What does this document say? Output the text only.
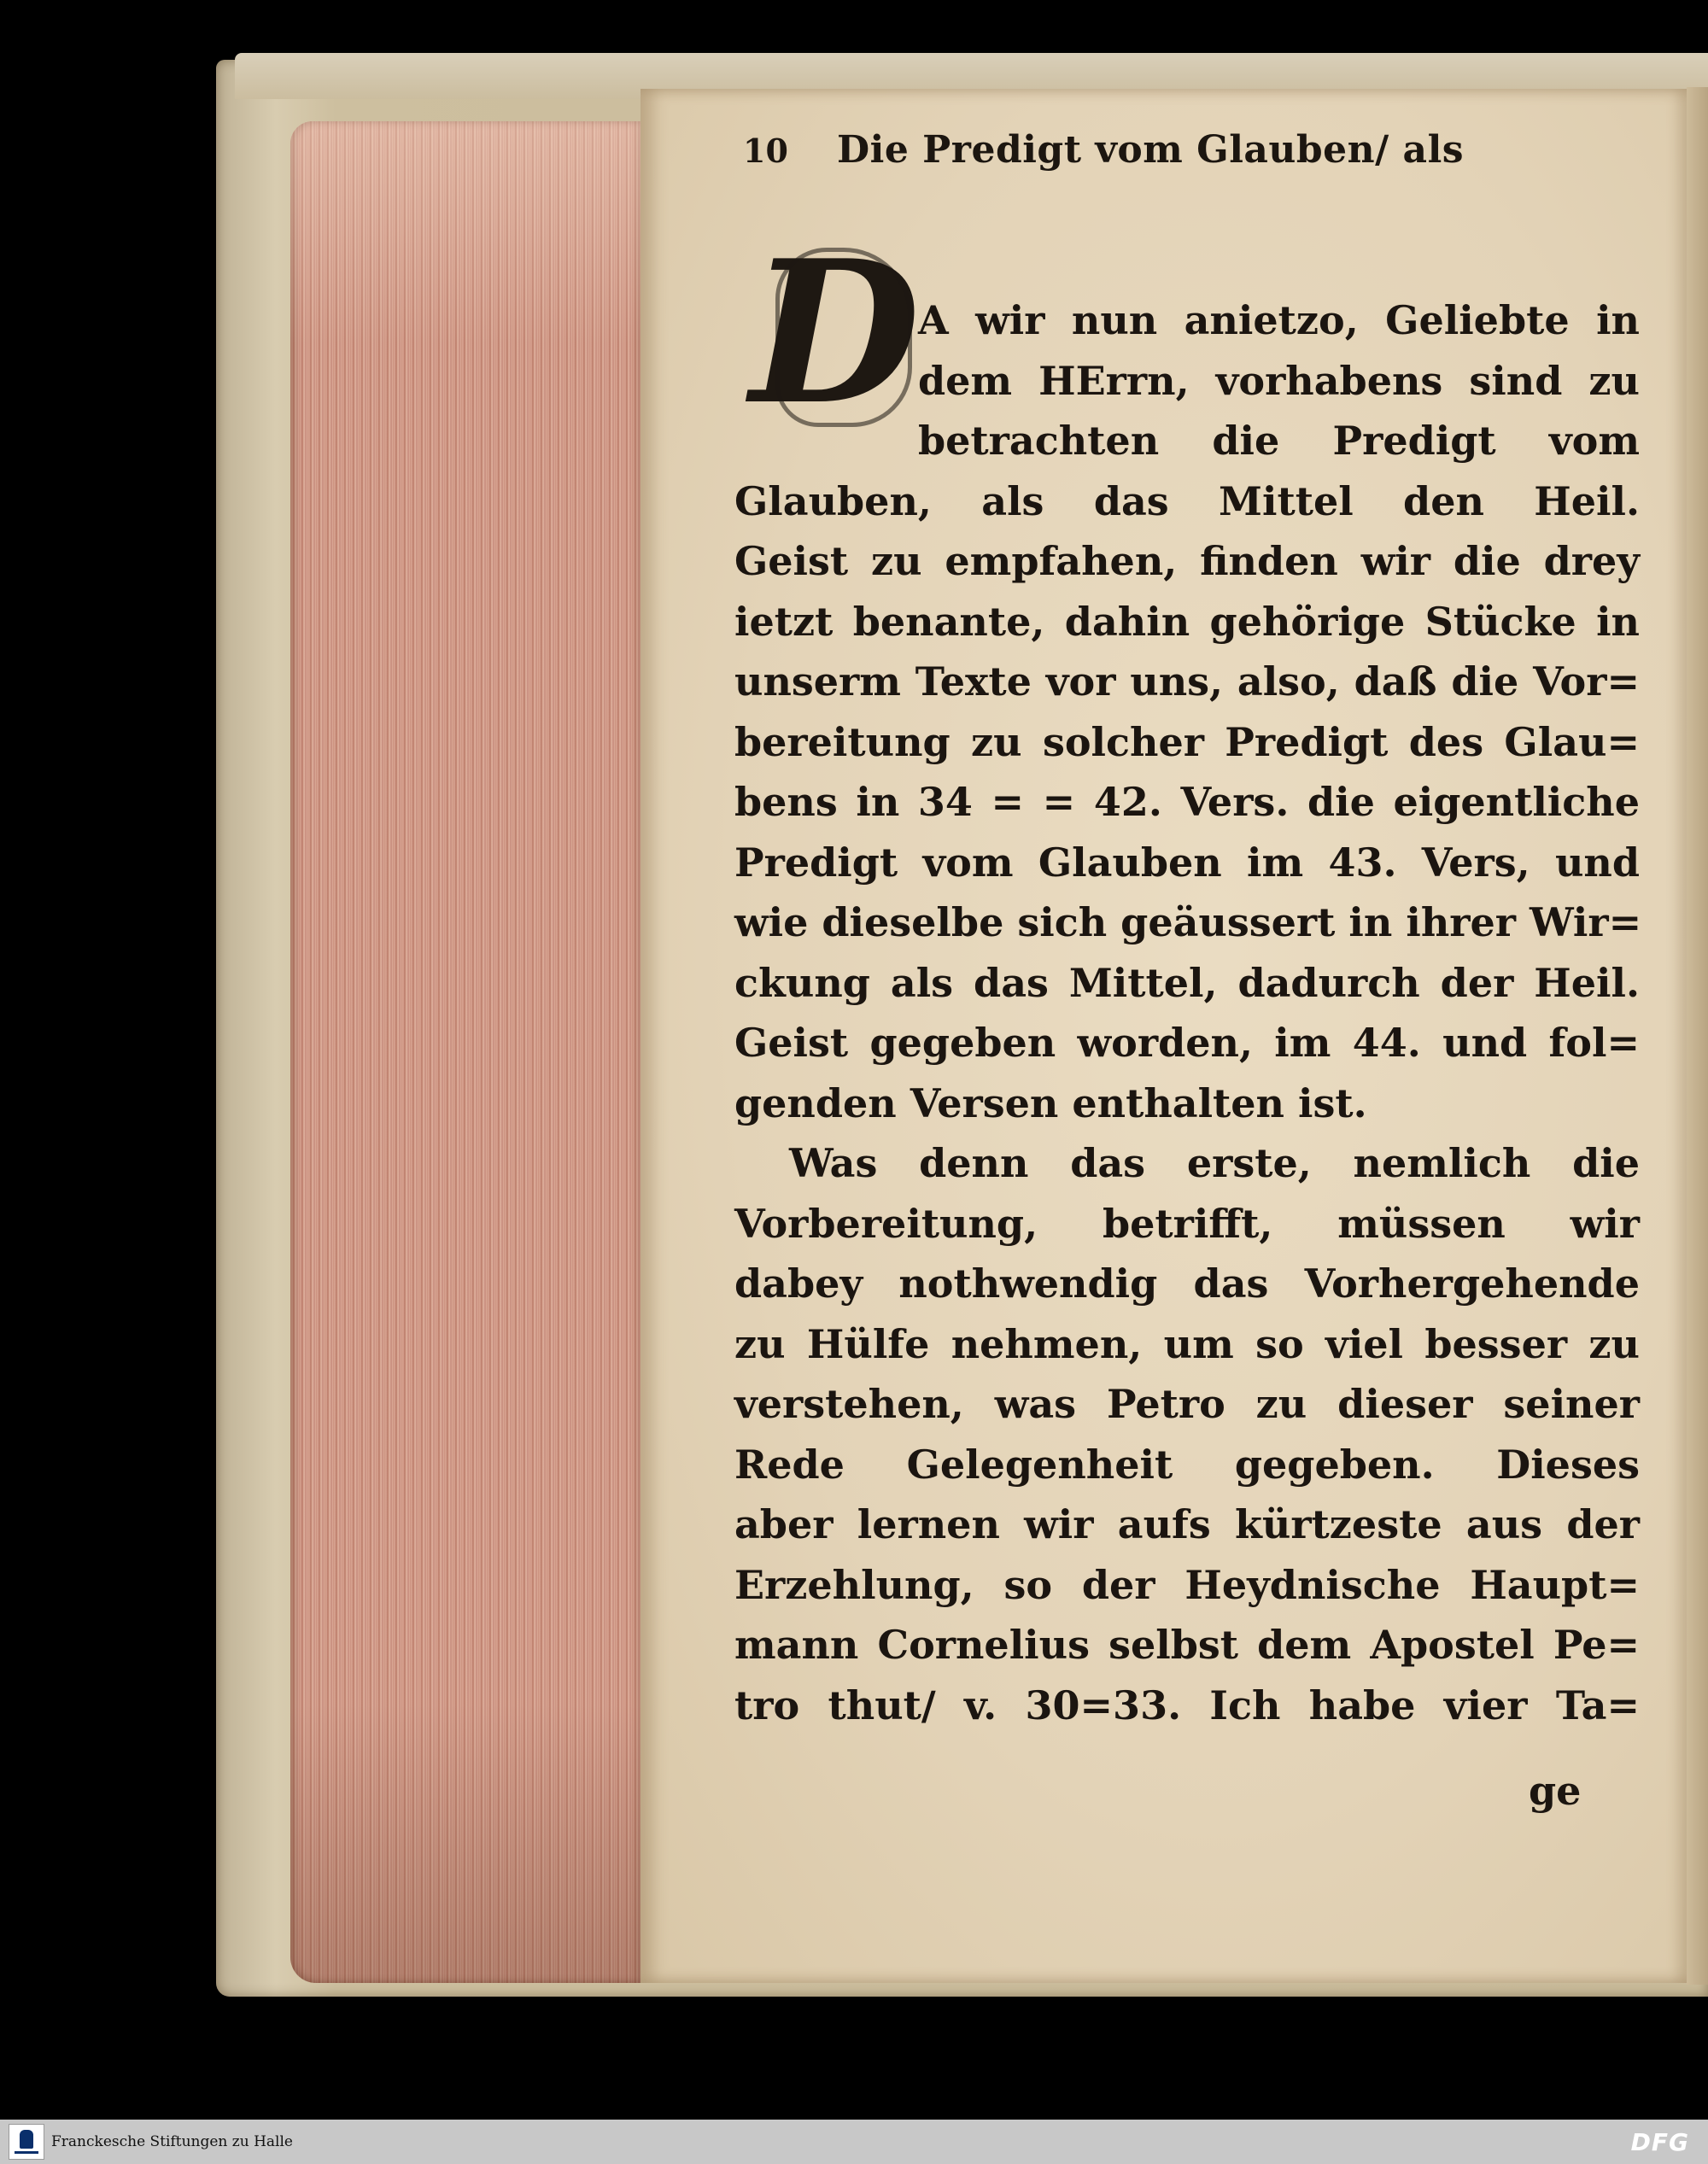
10	Die Predigt vom Glauben/ als
D
A wir nun anietzo, Geliebte in
dem HErrn, vorhabens sind zu
betrachten die Predigt vom
Glauben, als das Mittel den Heil.
Geist zu empfahen, finden wir die drey
ietzt benante, dahin gehörige Stücke in
unserm Texte vor uns, also, daß die Vor=
bereitung zu solcher Predigt des Glau=
bens in 34 = = 42. Vers. die eigentliche
Predigt vom Glauben im 43. Vers, und
wie dieselbe sich geäussert in ihrer Wir=
ckung als das Mittel, dadurch der Heil.
Geist gegeben worden, im 44. und fol=
genden Versen enthalten ist.
Was denn das erste, nemlich die
Vorbereitung, betrifft, müssen wir
dabey nothwendig das Vorhergehende
zu Hülfe nehmen, um so viel besser zu
verstehen, was Petro zu dieser seiner
Rede Gelegenheit gegeben. Dieses
aber lernen wir aufs kürtzeste aus der
Erzehlung, so der Heydnische Haupt=
mann Cornelius selbst dem Apostel Pe=
tro thut/ v. 30=33. Ich habe vier Ta=
ge
Franckesche Stiftungen zu Halle	DFG
